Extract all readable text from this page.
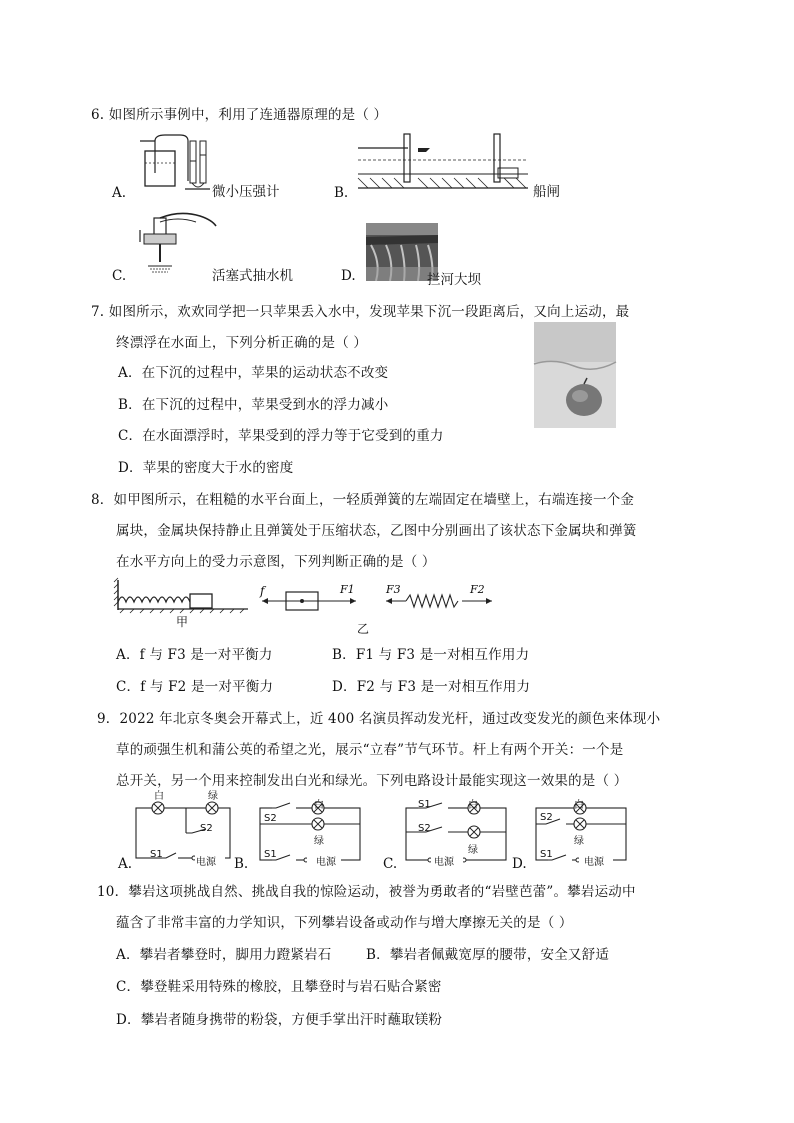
6. 如图所示事例中，利用了连通器原理的是（ ）
A.	微小压强计	B.	船闸
C.	活塞式抽水机	D.	拦河大坝
7. 如图所示，欢欢同学把一只苹果丢入水中，发现苹果下沉一段距离后，又向上运动，最
终漂浮在水面上，下列分析正确的是（ ）
A．在下沉的过程中，苹果的运动状态不改变
B．在下沉的过程中，苹果受到水的浮力减小
C．在水面漂浮时，苹果受到的浮力等于它受到的重力
D．苹果的密度大于水的密度
8．如甲图所示，在粗糙的水平台面上，一轻质弹簧的左端固定在墙壁上，右端连接一个金
属块，金属块保持静止且弹簧处于压缩状态，乙图中分别画出了该状态下金属块和弹簧
在水平方向上的受力示意图，下列判断正确的是（ ）
甲
f	F1	F3	F2
乙
A．f 与 F3 是一对平衡力	B．F1 与 F3 是一对相互作用力
C．f 与 F2 是一对平衡力	D．F2 与 F3 是一对相互作用力
9．2022 年北京冬奥会开幕式上，近 400 名演员挥动发光杆，通过改变发光的颜色来体现小
草的顽强生机和蒲公英的希望之光，展示“立春”节气环节。杆上有两个开关：一个是
总开关，另一个用来控制发出白光和绿光。下列电路设计最能实现这一效果的是（ ）
白	绿
S2
S1
电源
A.
白
绿
S2
S1
电源
B.
白
绿
S1
S2
电源
C.
白
绿
S2
S1
电源
D.
10．攀岩这项挑战自然、挑战自我的惊险运动，被誉为勇敢者的“岩壁芭蕾”。攀岩运动中
蕴含了非常丰富的力学知识，下列攀岩设备或动作与增大摩擦无关的是（ ）
A．攀岩者攀登时，脚用力蹬紧岩石	B．攀岩者佩戴宽厚的腰带，安全又舒适
C．攀登鞋采用特殊的橡胶，且攀登时与岩石贴合紧密
D．攀岩者随身携带的粉袋，方便手掌出汗时蘸取镁粉
